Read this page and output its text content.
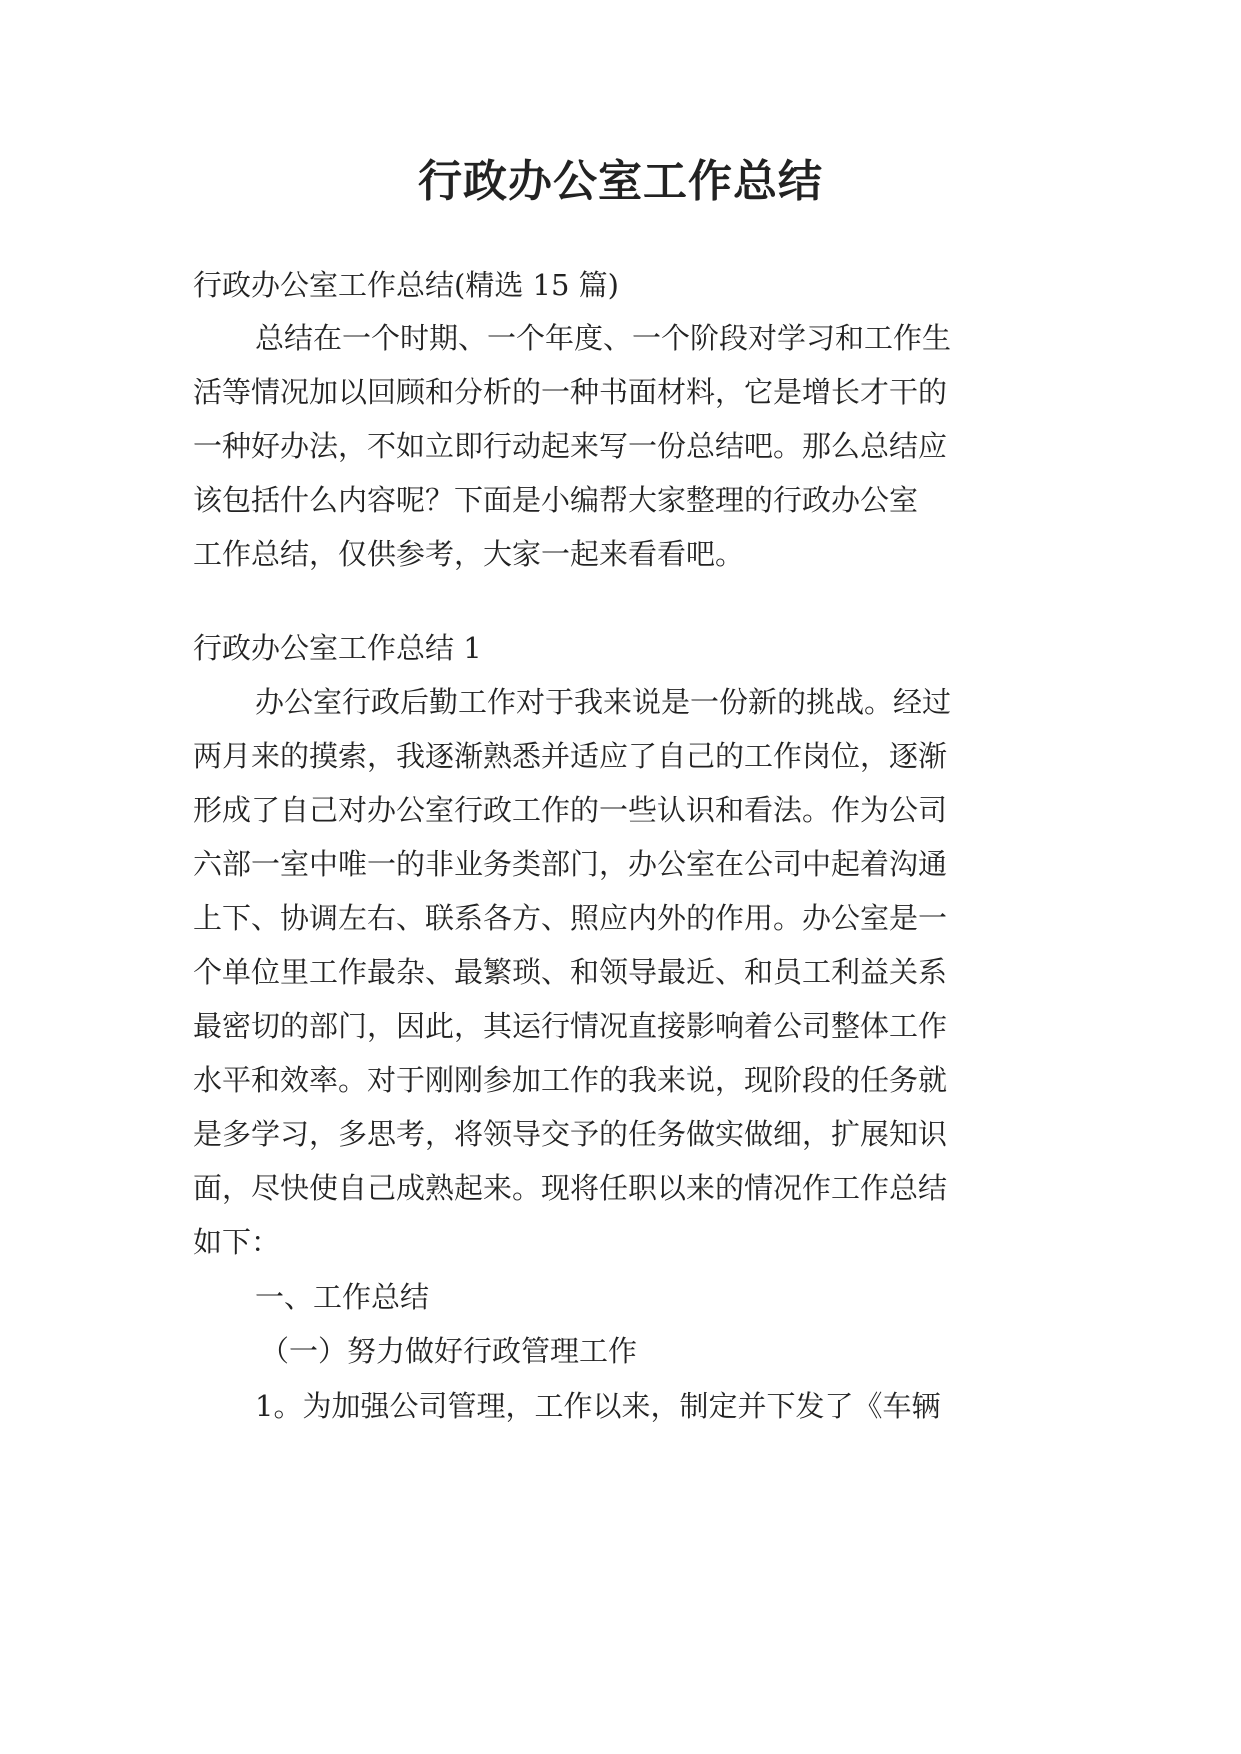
行政办公室工作总结

行政办公室工作总结(精选 15 篇)

总结在一个时期、一个年度、一个阶段对学习和工作生

活等情况加以回顾和分析的一种书面材料，它是增长才干的

一种好办法，不如立即行动起来写一份总结吧。那么总结应

该包括什么内容呢？下面是小编帮大家整理的行政办公室

工作总结，仅供参考，大家一起来看看吧。

行政办公室工作总结 1

办公室行政后勤工作对于我来说是一份新的挑战。经过

两月来的摸索，我逐渐熟悉并适应了自己的工作岗位，逐渐

形成了自己对办公室行政工作的一些认识和看法。作为公司

六部一室中唯一的非业务类部门，办公室在公司中起着沟通

上下、协调左右、联系各方、照应内外的作用。办公室是一

个单位里工作最杂、最繁琐、和领导最近、和员工利益关系

最密切的部门，因此，其运行情况直接影响着公司整体工作

水平和效率。对于刚刚参加工作的我来说，现阶段的任务就

是多学习，多思考，将领导交予的任务做实做细，扩展知识

面，尽快使自己成熟起来。现将任职以来的情况作工作总结

如下：

一、工作总结

（一）努力做好行政管理工作

1。为加强公司管理，工作以来，制定并下发了《车辆
